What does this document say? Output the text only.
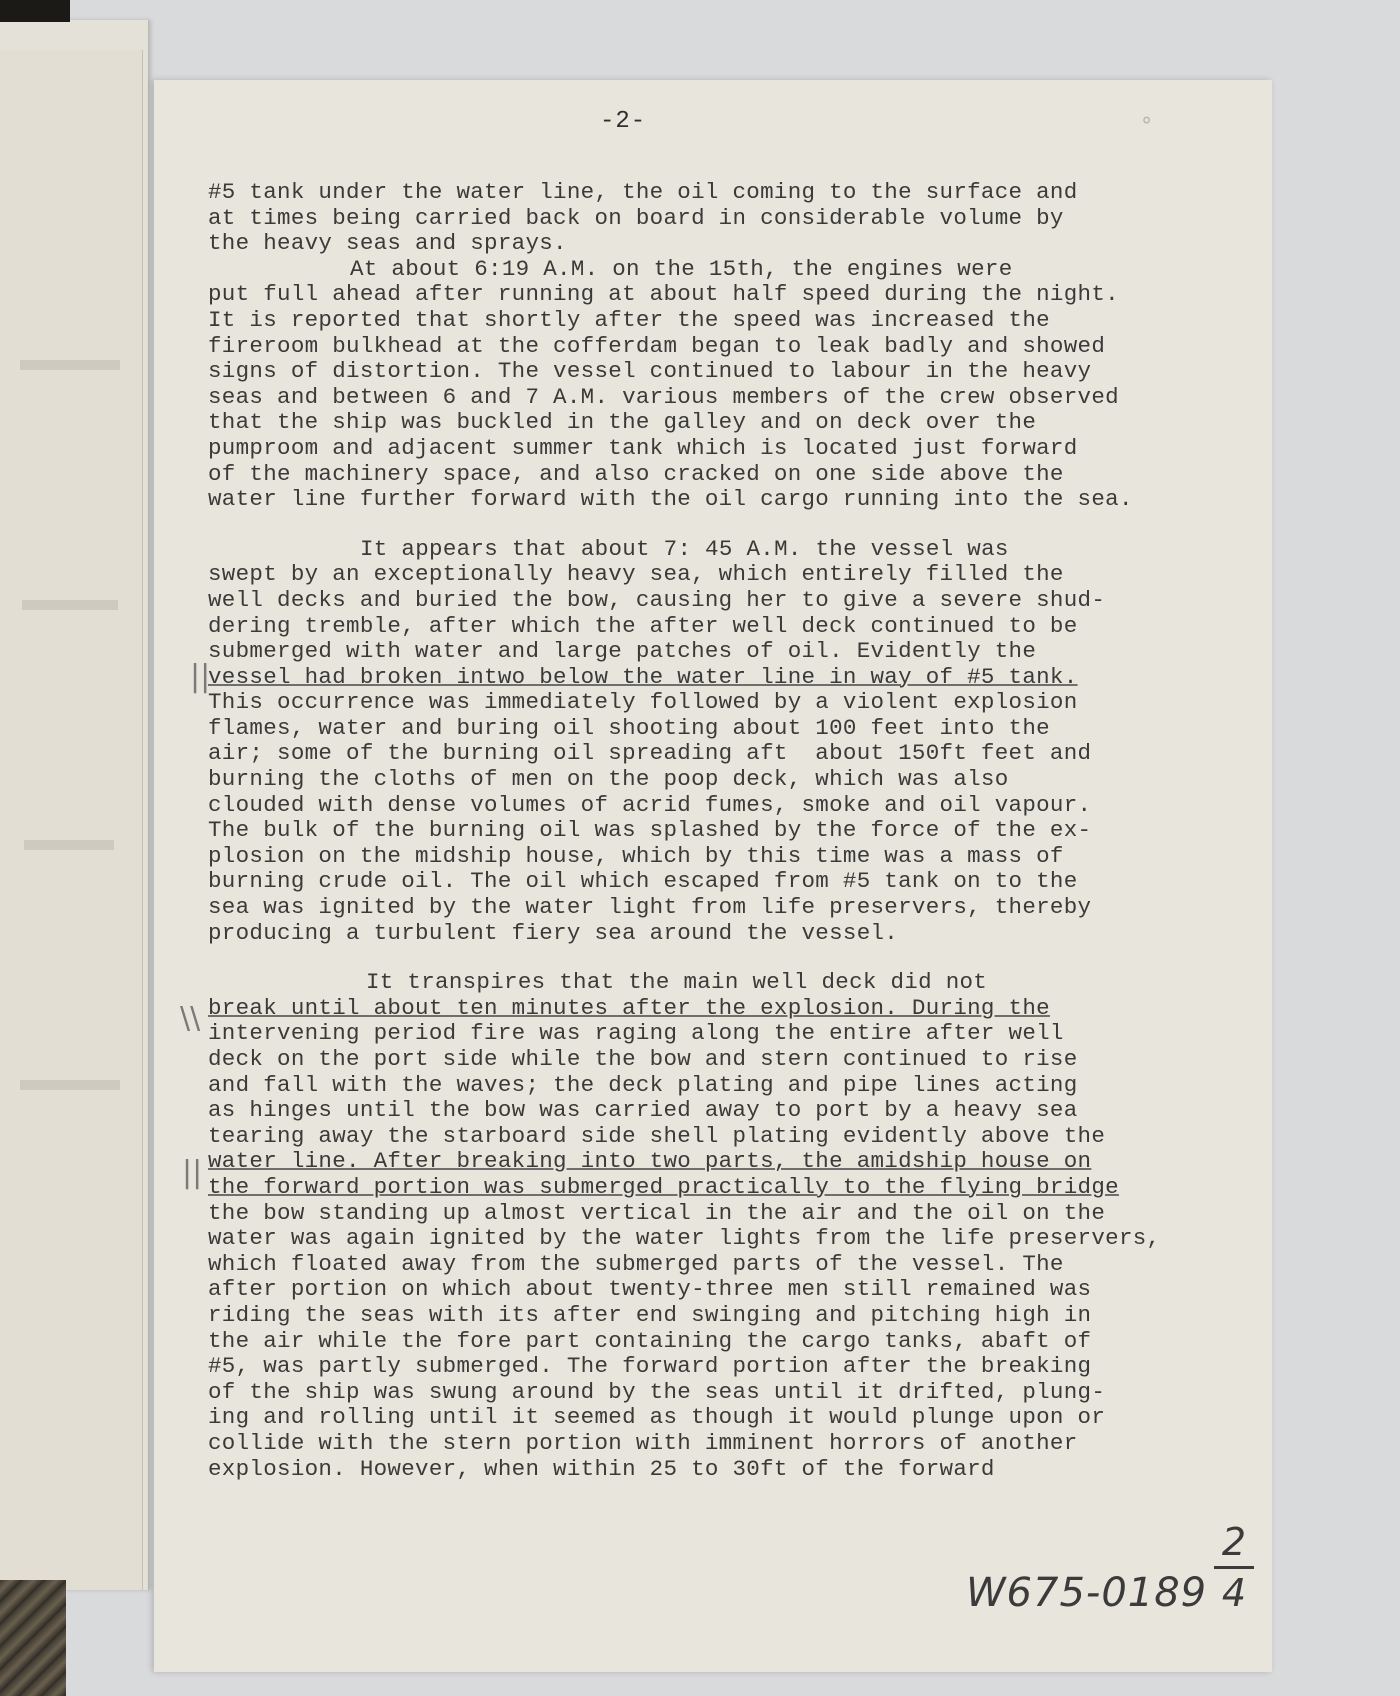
-2-	∘
#5 tank under the water line, the oil coming to the surface and
at times being carried back on board in considerable volume by
the heavy seas and sprays.
At about 6:19 A.M. on the 15th, the engines were
put full ahead after running at about half speed during the night.
It is reported that shortly after the speed was increased the
fireroom bulkhead at the cofferdam began to leak badly and showed
signs of distortion. The vessel continued to labour in the heavy
seas and between 6 and 7 A.M. various members of the crew observed
that the ship was buckled in the galley and on deck over the
pumproom and adjacent summer tank which is located just forward
of the machinery space, and also cracked on one side above the
water line further forward with the oil cargo running into the sea.
It appears that about 7: 45 A.M. the vessel was
swept by an exceptionally heavy sea, which entirely filled the
well decks and buried the bow, causing her to give a severe shud-
dering tremble, after which the after well deck continued to be
submerged with water and large patches of oil. Evidently the
vessel had broken intwo below the water line in way of #5 tank.
This occurrence was immediately followed by a violent explosion
flames, water and buring oil shooting about 100 feet into the
air; some of the burning oil spreading aft  about 150ft feet and
burning the cloths of men on the poop deck, which was also
clouded with dense volumes of acrid fumes, smoke and oil vapour.
The bulk of the burning oil was splashed by the force of the ex-
plosion on the midship house, which by this time was a mass of
burning crude oil. The oil which escaped from #5 tank on to the
sea was ignited by the water light from life preservers, thereby
producing a turbulent fiery sea around the vessel.
It transpires that the main well deck did not
break until about ten minutes after the explosion. During the
intervening period fire was raging along the entire after well
deck on the port side while the bow and stern continued to rise
and fall with the waves; the deck plating and pipe lines acting
as hinges until the bow was carried away to port by a heavy sea
tearing away the starboard side shell plating evidently above the
water line. After breaking into two parts, the amidship house on
the forward portion was submerged practically to the flying bridge
the bow standing up almost vertical in the air and the oil on the
water was again ignited by the water lights from the life preservers,
which floated away from the submerged parts of the vessel. The
after portion on which about twenty-three men still remained was
riding the seas with its after end swinging and pitching high in
the air while the fore part containing the cargo tanks, abaft of
#5, was partly submerged. The forward portion after the breaking
of the ship was swung around by the seas until it drifted, plung-
ing and rolling until it seemed as though it would plunge upon or
collide with the stern portion with imminent horrors of another
explosion. However, when within 25 to 30ft of the forward
||
\\
||
W675-0189
2
4
